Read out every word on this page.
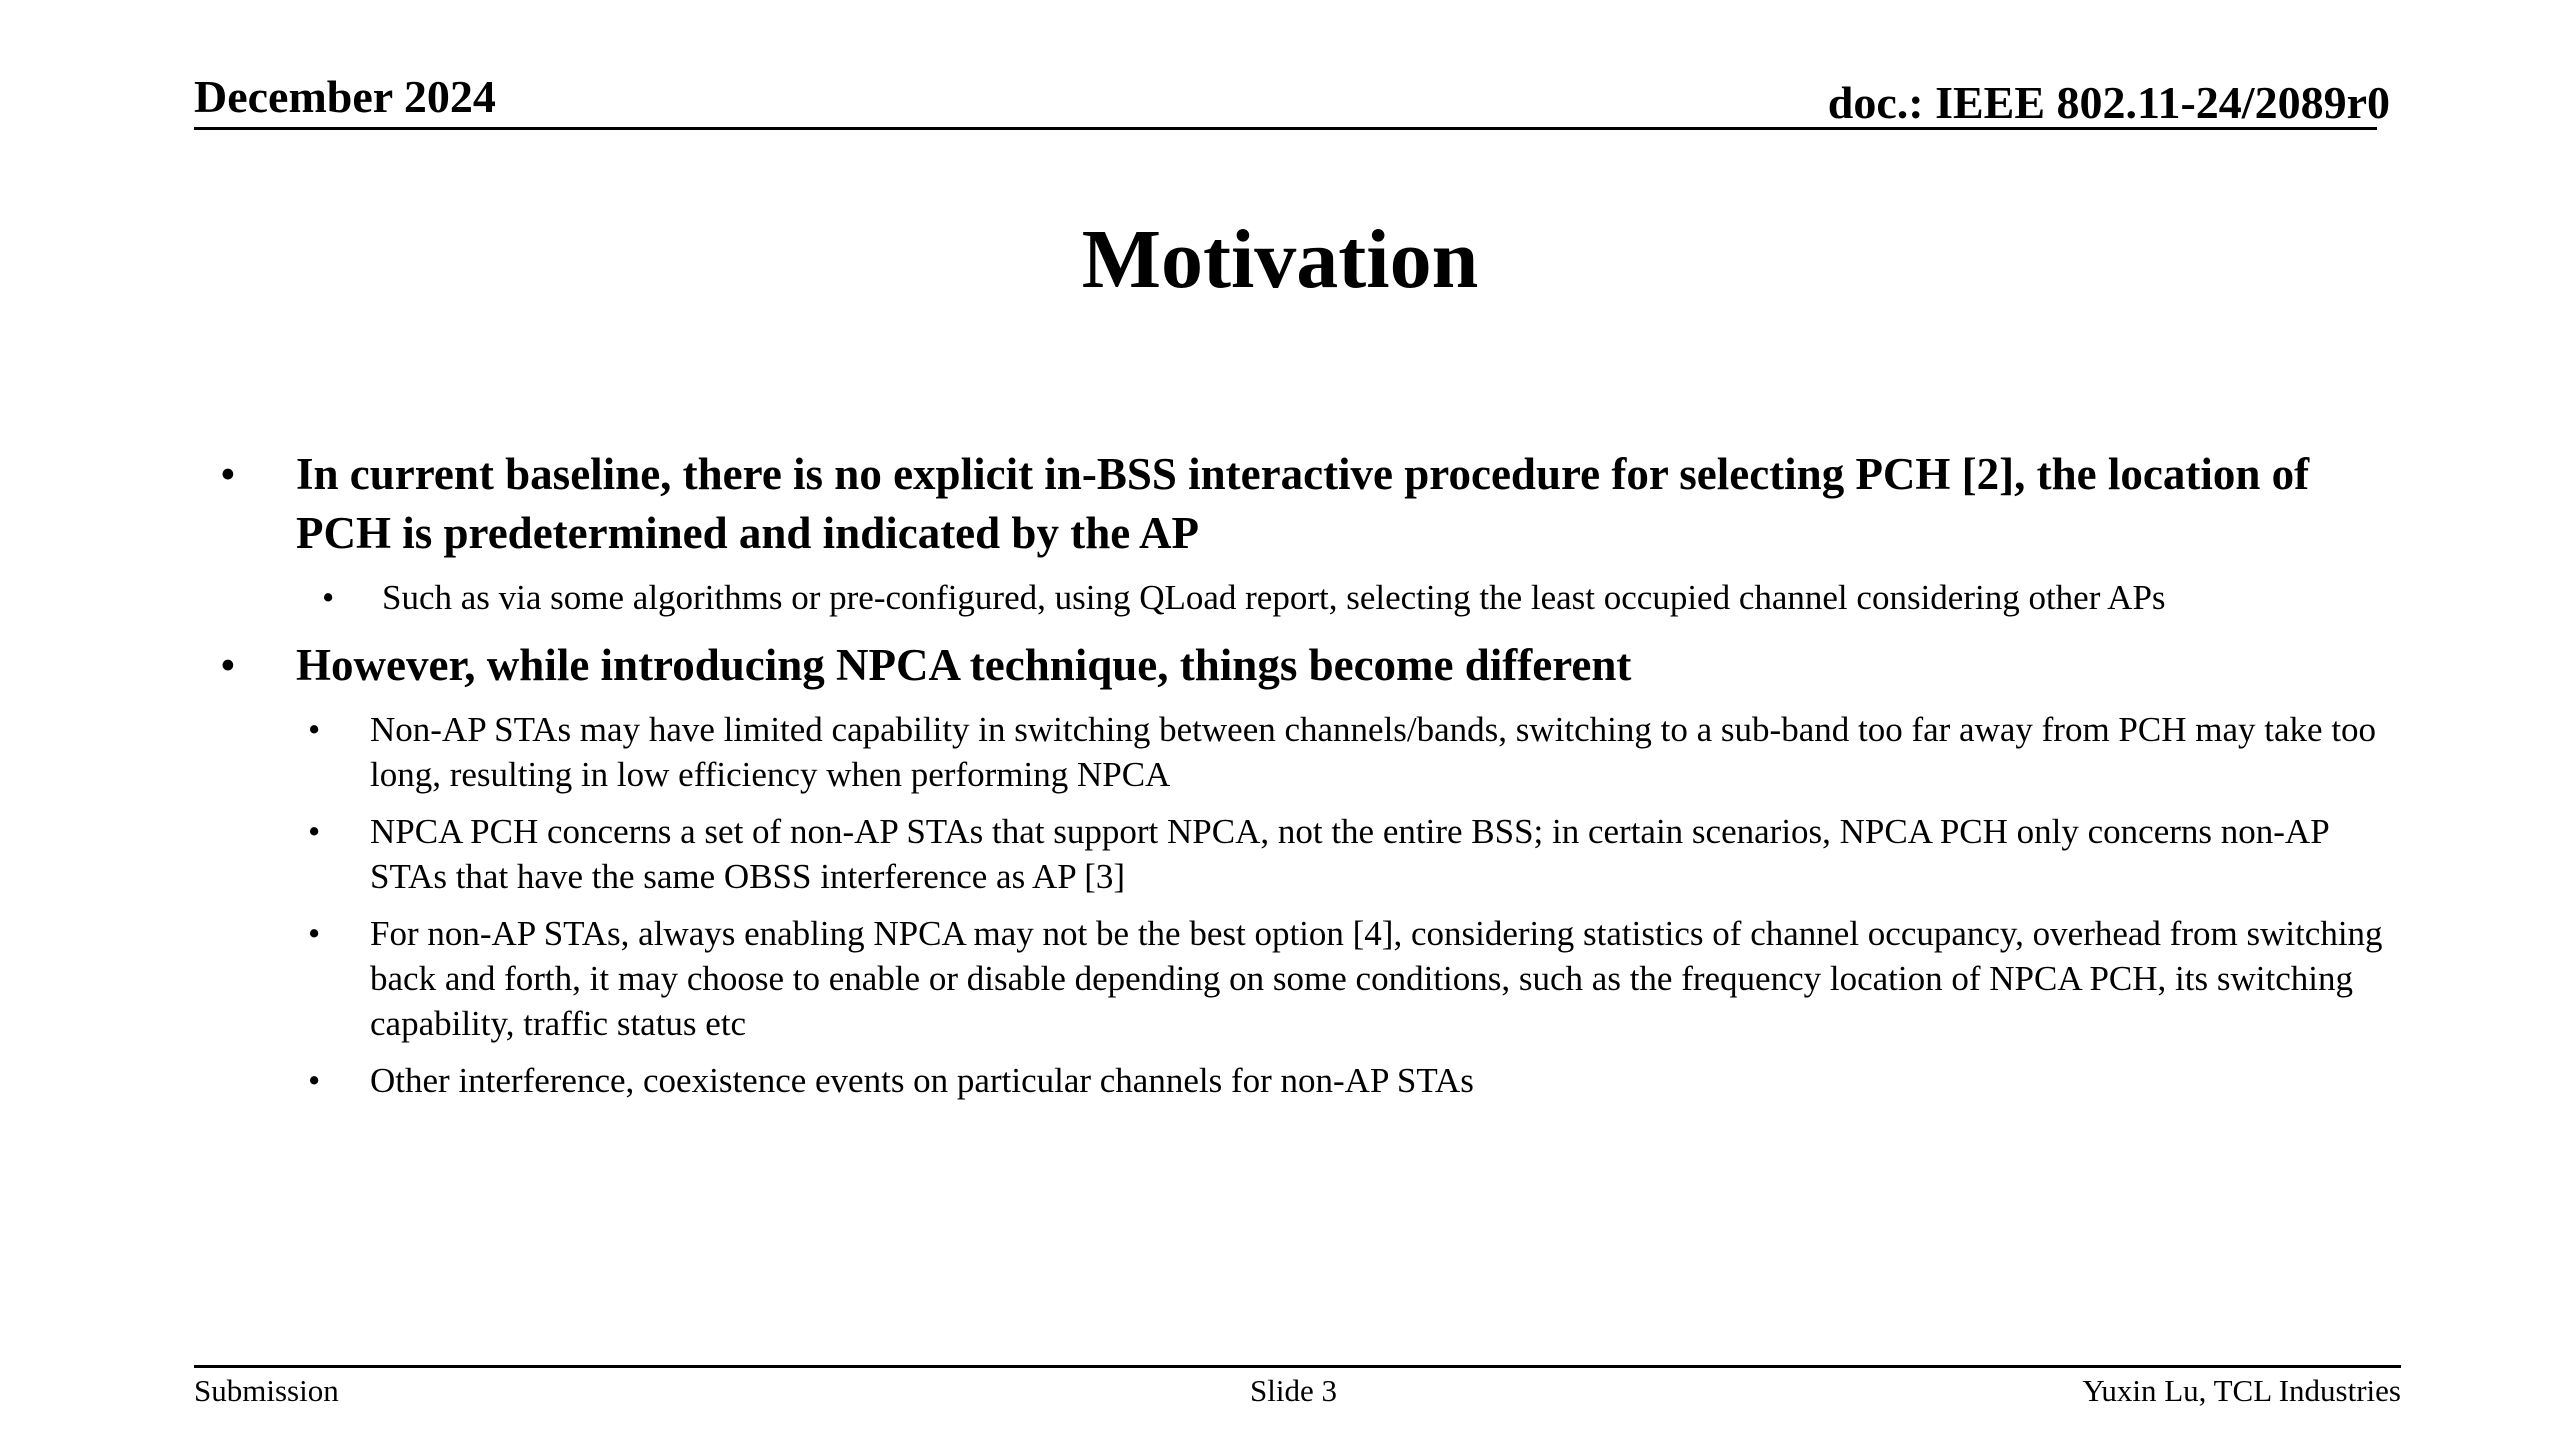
December 2024	doc.: IEEE 802.11-24/2089r0
Motivation
• In current baseline, there is no explicit in-BSS interactive procedure for selecting PCH [2], the location of PCH is predetermined and indicated by the AP
• Such as via some algorithms or pre-configured, using QLoad report, selecting the least occupied channel considering other APs
• However, while introducing NPCA technique, things become different
• Non-AP STAs may have limited capability in switching between channels/bands, switching to a sub-band too far away from PCH may take too long, resulting in low efficiency when performing NPCA
• NPCA PCH concerns a set of non-AP STAs that support NPCA, not the entire BSS; in certain scenarios, NPCA PCH only concerns non-AP STAs that have the same OBSS interference as AP [3]
• For non-AP STAs, always enabling NPCA may not be the best option [4], considering statistics of channel occupancy, overhead from switching back and forth, it may choose to enable or disable depending on some conditions, such as the frequency location of NPCA PCH, its switching capability, traffic status etc
• Other interference, coexistence events on particular channels for non-AP STAs
Submission	Slide 3	Yuxin Lu, TCL Industries
